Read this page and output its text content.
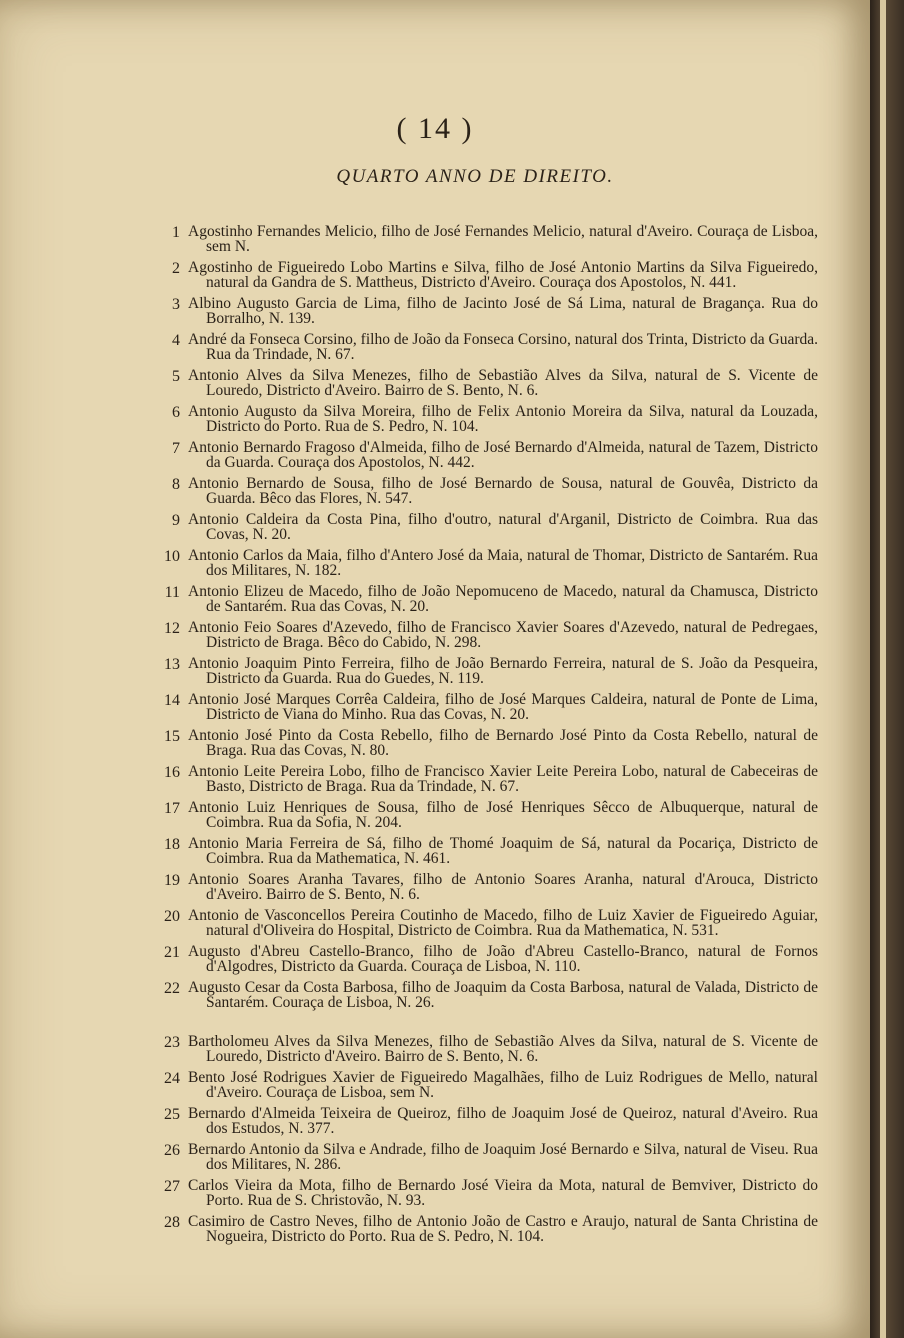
( 14 )
QUARTO ANNO DE DIREITO.
1 Agostinho Fernandes Melicio, filho de José Fernandes Melicio, natural d'Aveiro. Couraça de Lisboa, sem N.
2 Agostinho de Figueiredo Lobo Martins e Silva, filho de José Antonio Martins da Silva Figueiredo, natural da Gandra de S. Mattheus, Districto d'Aveiro. Couraça dos Apostolos, N. 441.
3 Albino Augusto Garcia de Lima, filho de Jacinto José de Sá Lima, natural de Bragança. Rua do Borralho, N. 139.
4 André da Fonseca Corsino, filho de João da Fonseca Corsino, natural dos Trinta, Districto da Guarda. Rua da Trindade, N. 67.
5 Antonio Alves da Silva Menezes, filho de Sebastião Alves da Silva, natural de S. Vicente de Louredo, Districto d'Aveiro. Bairro de S. Bento, N. 6.
6 Antonio Augusto da Silva Moreira, filho de Felix Antonio Moreira da Silva, natural da Louzada, Districto do Porto. Rua de S. Pedro, N. 104.
7 Antonio Bernardo Fragoso d'Almeida, filho de José Bernardo d'Almeida, natural de Tazem, Districto da Guarda. Couraça dos Apostolos, N. 442.
8 Antonio Bernardo de Sousa, filho de José Bernardo de Sousa, natural de Gouvêa, Districto da Guarda. Bêco das Flores, N. 547.
9 Antonio Caldeira da Costa Pina, filho d'outro, natural d'Arganil, Districto de Coimbra. Rua das Covas, N. 20.
10 Antonio Carlos da Maia, filho d'Antero José da Maia, natural de Thomar, Districto de Santarém. Rua dos Militares, N. 182.
11 Antonio Elizeu de Macedo, filho de João Nepomuceno de Macedo, natural da Chamusca, Districto de Santarém. Rua das Covas, N. 20.
12 Antonio Feio Soares d'Azevedo, filho de Francisco Xavier Soares d'Azevedo, natural de Pedregaes, Districto de Braga. Bêco do Cabido, N. 298.
13 Antonio Joaquim Pinto Ferreira, filho de João Bernardo Ferreira, natural de S. João da Pesqueira, Districto da Guarda. Rua do Guedes, N. 119.
14 Antonio José Marques Corrêa Caldeira, filho de José Marques Caldeira, natural de Ponte de Lima, Districto de Viana do Minho. Rua das Covas, N. 20.
15 Antonio José Pinto da Costa Rebello, filho de Bernardo José Pinto da Costa Rebello, natural de Braga. Rua das Covas, N. 80.
16 Antonio Leite Pereira Lobo, filho de Francisco Xavier Leite Pereira Lobo, natural de Cabeceiras de Basto, Districto de Braga. Rua da Trindade, N. 67.
17 Antonio Luiz Henriques de Sousa, filho de José Henriques Sêcco de Albuquerque, natural de Coimbra. Rua da Sofia, N. 204.
18 Antonio Maria Ferreira de Sá, filho de Thomé Joaquim de Sá, natural da Pocariça, Districto de Coimbra. Rua da Mathematica, N. 461.
19 Antonio Soares Aranha Tavares, filho de Antonio Soares Aranha, natural d'Arouca, Districto d'Aveiro. Bairro de S. Bento, N. 6.
20 Antonio de Vasconcellos Pereira Coutinho de Macedo, filho de Luiz Xavier de Figueiredo Aguiar, natural d'Oliveira do Hospital, Districto de Coimbra. Rua da Mathematica, N. 531.
21 Augusto d'Abreu Castello-Branco, filho de João d'Abreu Castello-Branco, natural de Fornos d'Algodres, Districto da Guarda. Couraça de Lisboa, N. 110.
22 Augusto Cesar da Costa Barbosa, filho de Joaquim da Costa Barbosa, natural de Valada, Districto de Santarém. Couraça de Lisboa, N. 26.
23 Bartholomeu Alves da Silva Menezes, filho de Sebastião Alves da Silva, natural de S. Vicente de Louredo, Districto d'Aveiro. Bairro de S. Bento, N. 6.
24 Bento José Rodrigues Xavier de Figueiredo Magalhães, filho de Luiz Rodrigues de Mello, natural d'Aveiro. Couraça de Lisboa, sem N.
25 Bernardo d'Almeida Teixeira de Queiroz, filho de Joaquim José de Queiroz, natural d'Aveiro. Rua dos Estudos, N. 377.
26 Bernardo Antonio da Silva e Andrade, filho de Joaquim José Bernardo e Silva, natural de Viseu. Rua dos Militares, N. 286.
27 Carlos Vieira da Mota, filho de Bernardo José Vieira da Mota, natural de Bemviver, Districto do Porto. Rua de S. Christovão, N. 93.
28 Casimiro de Castro Neves, filho de Antonio João de Castro e Araujo, natural de Santa Christina de Nogueira, Districto do Porto. Rua de S. Pedro, N. 104.
